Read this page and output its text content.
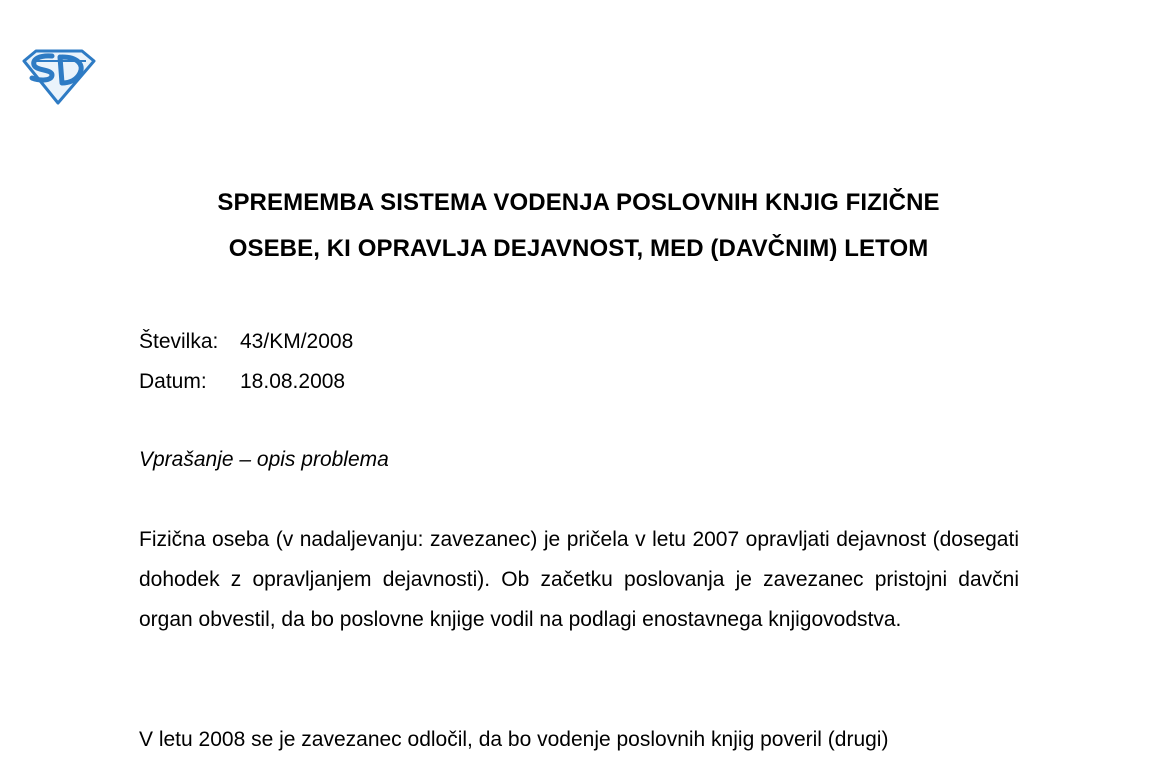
SPREMEMBA SISTEMA VODENJA POSLOVNIH KNJIG FIZIČNE
OSEBE, KI OPRAVLJA DEJAVNOST, MED (DAVČNIM) LETOM
Številka:	43/KM/2008
Datum:	18.08.2008
Vprašanje – opis problema

Fizična oseba (v nadaljevanju: zavezanec) je pričela v letu 2007 opravljati dejavnost (dosegati dohodek z opravljanjem dejavnosti). Ob začetku poslovanja je zavezanec pristojni davčni organ obvestil, da bo poslovne knjige vodil na podlagi enostavnega knjigovodstva.

V letu 2008 se je zavezanec odločil, da bo vodenje poslovnih knjig poveril (drugi)
